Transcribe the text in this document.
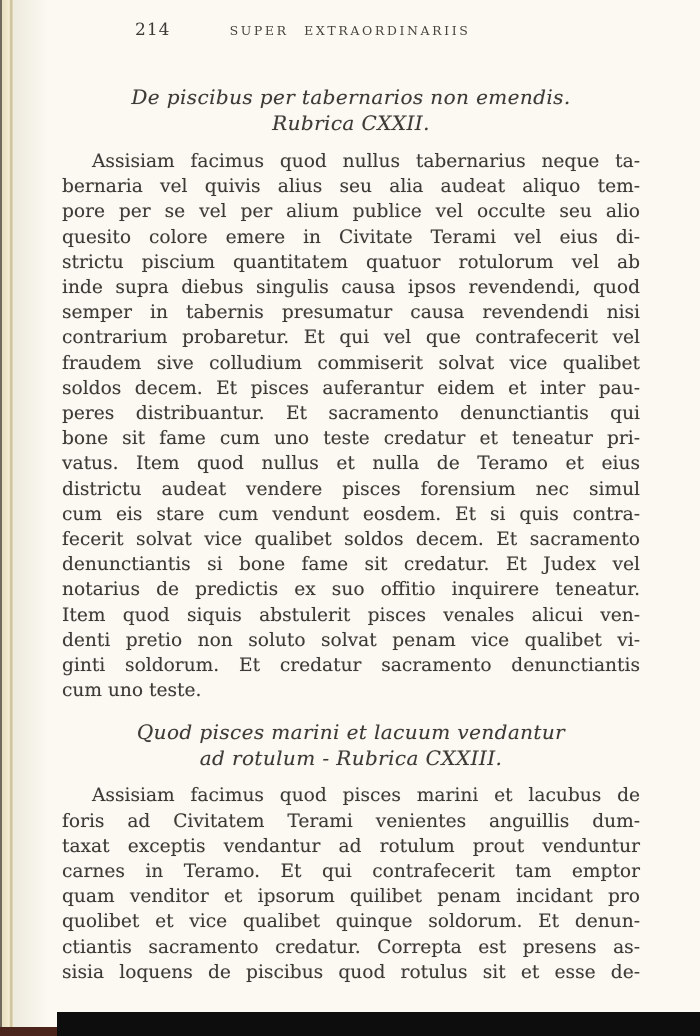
214	SUPER EXTRAORDINARIIS
De piscibus per tabernarios non emendis.
Rubrica CXXII.
Assisiam facimus quod nullus tabernarius neque ta-
bernaria vel quivis alius seu alia audeat aliquo tem-
pore per se vel per alium publice vel occulte seu alio
quesito colore emere in Civitate Terami vel eius di-
strictu piscium quantitatem quatuor rotulorum vel ab
inde supra diebus singulis causa ipsos revendendi, quod
semper in tabernis presumatur causa revendendi nisi
contrarium probaretur. Et qui vel que contrafecerit vel
fraudem sive colludium commiserit solvat vice qualibet
soldos decem. Et pisces auferantur eidem et inter pau-
peres distribuantur. Et sacramento denunctiantis qui
bone sit fame cum uno teste credatur et teneatur pri-
vatus. Item quod nullus et nulla de Teramo et eius
districtu audeat vendere pisces forensium nec simul
cum eis stare cum vendunt eosdem. Et si quis contra-
fecerit solvat vice qualibet soldos decem. Et sacramento
denunctiantis si bone fame sit credatur. Et Judex vel
notarius de predictis ex suo offitio inquirere teneatur.
Item quod siquis abstulerit pisces venales alicui ven-
denti pretio non soluto solvat penam vice qualibet vi-
ginti soldorum. Et credatur sacramento denunctiantis
cum uno teste.
Quod pisces marini et lacuum vendantur
ad rotulum - Rubrica CXXIII.
Assisiam facimus quod pisces marini et lacubus de
foris ad Civitatem Terami venientes anguillis dum-
taxat exceptis vendantur ad rotulum prout venduntur
carnes in Teramo. Et qui contrafecerit tam emptor
quam venditor et ipsorum quilibet penam incidant pro
quolibet et vice qualibet quinque soldorum. Et denun-
ctiantis sacramento credatur. Correpta est presens as-
sisia loquens de piscibus quod rotulus sit et esse de-
